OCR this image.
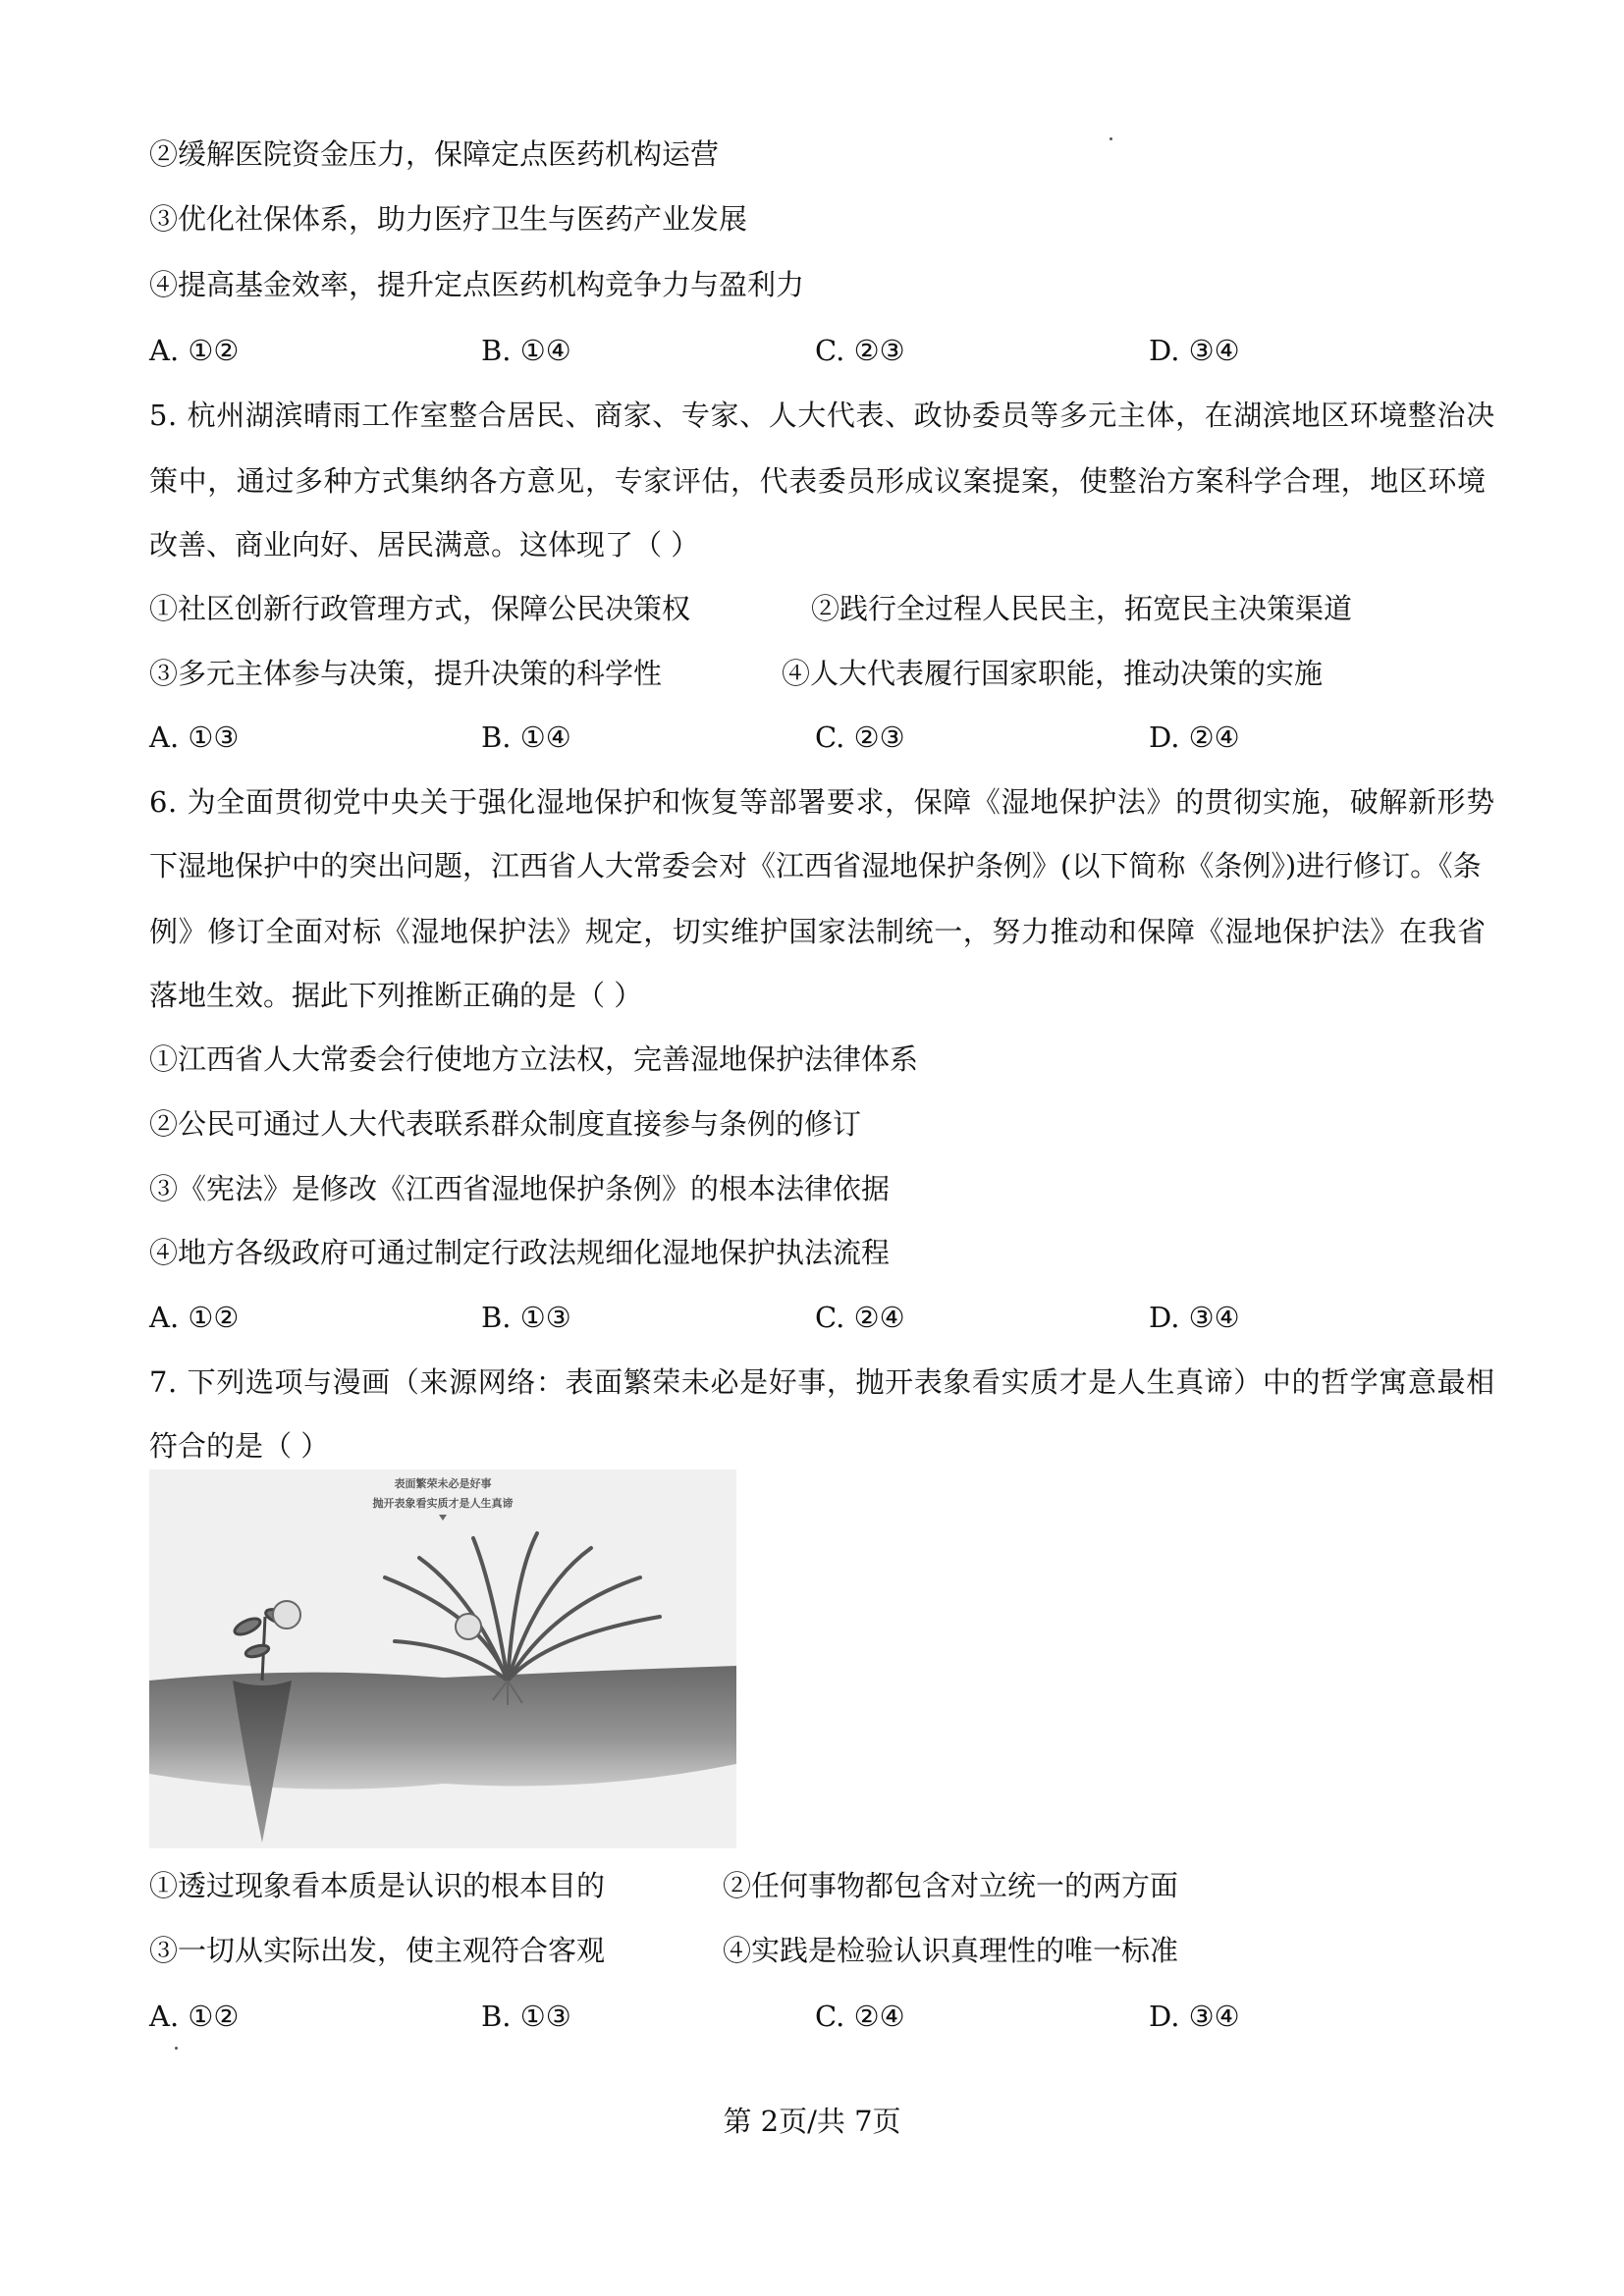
②缓解医院资金压力，保障定点医药机构运营
③优化社保体系，助力医疗卫生与医药产业发展
④提高基金效率，提升定点医药机构竞争力与盈利力
A. ①②	B. ①④	C. ②③	D. ③④
5. 杭州湖滨晴雨工作室整合居民、商家、专家、人大代表、政协委员等多元主体，在湖滨地区环境整治决
策中，通过多种方式集纳各方意见，专家评估，代表委员形成议案提案，使整治方案科学合理，地区环境
改善、商业向好、居民满意。这体现了（ ）
①社区创新行政管理方式，保障公民决策权	②践行全过程人民民主，拓宽民主决策渠道
③多元主体参与决策，提升决策的科学性	④人大代表履行国家职能，推动决策的实施
A. ①③	B. ①④	C. ②③	D. ②④
6. 为全面贯彻党中央关于强化湿地保护和恢复等部署要求，保障《湿地保护法》的贯彻实施，破解新形势
下湿地保护中的突出问题，江西省人大常委会对《江西省湿地保护条例》(以下简称《条例》)进行修订。《条
例》修订全面对标《湿地保护法》规定，切实维护国家法制统一，努力推动和保障《湿地保护法》在我省
落地生效。据此下列推断正确的是（ ）
①江西省人大常委会行使地方立法权，完善湿地保护法律体系
②公民可通过人大代表联系群众制度直接参与条例的修订
③《宪法》是修改《江西省湿地保护条例》的根本法律依据
④地方各级政府可通过制定行政法规细化湿地保护执法流程
A. ①②	B. ①③	C. ②④	D. ③④
7. 下列选项与漫画（来源网络：表面繁荣未必是好事，抛开表象看实质才是人生真谛）中的哲学寓意最相
符合的是（ ）
表面繁荣未必是好事
抛开表象看实质才是人生真谛
①透过现象看本质是认识的根本目的	②任何事物都包含对立统一的两方面
③一切从实际出发，使主观符合客观	④实践是检验认识真理性的唯一标准
A. ①②	B. ①③	C. ②④	D. ③④
第 2页/共 7页
